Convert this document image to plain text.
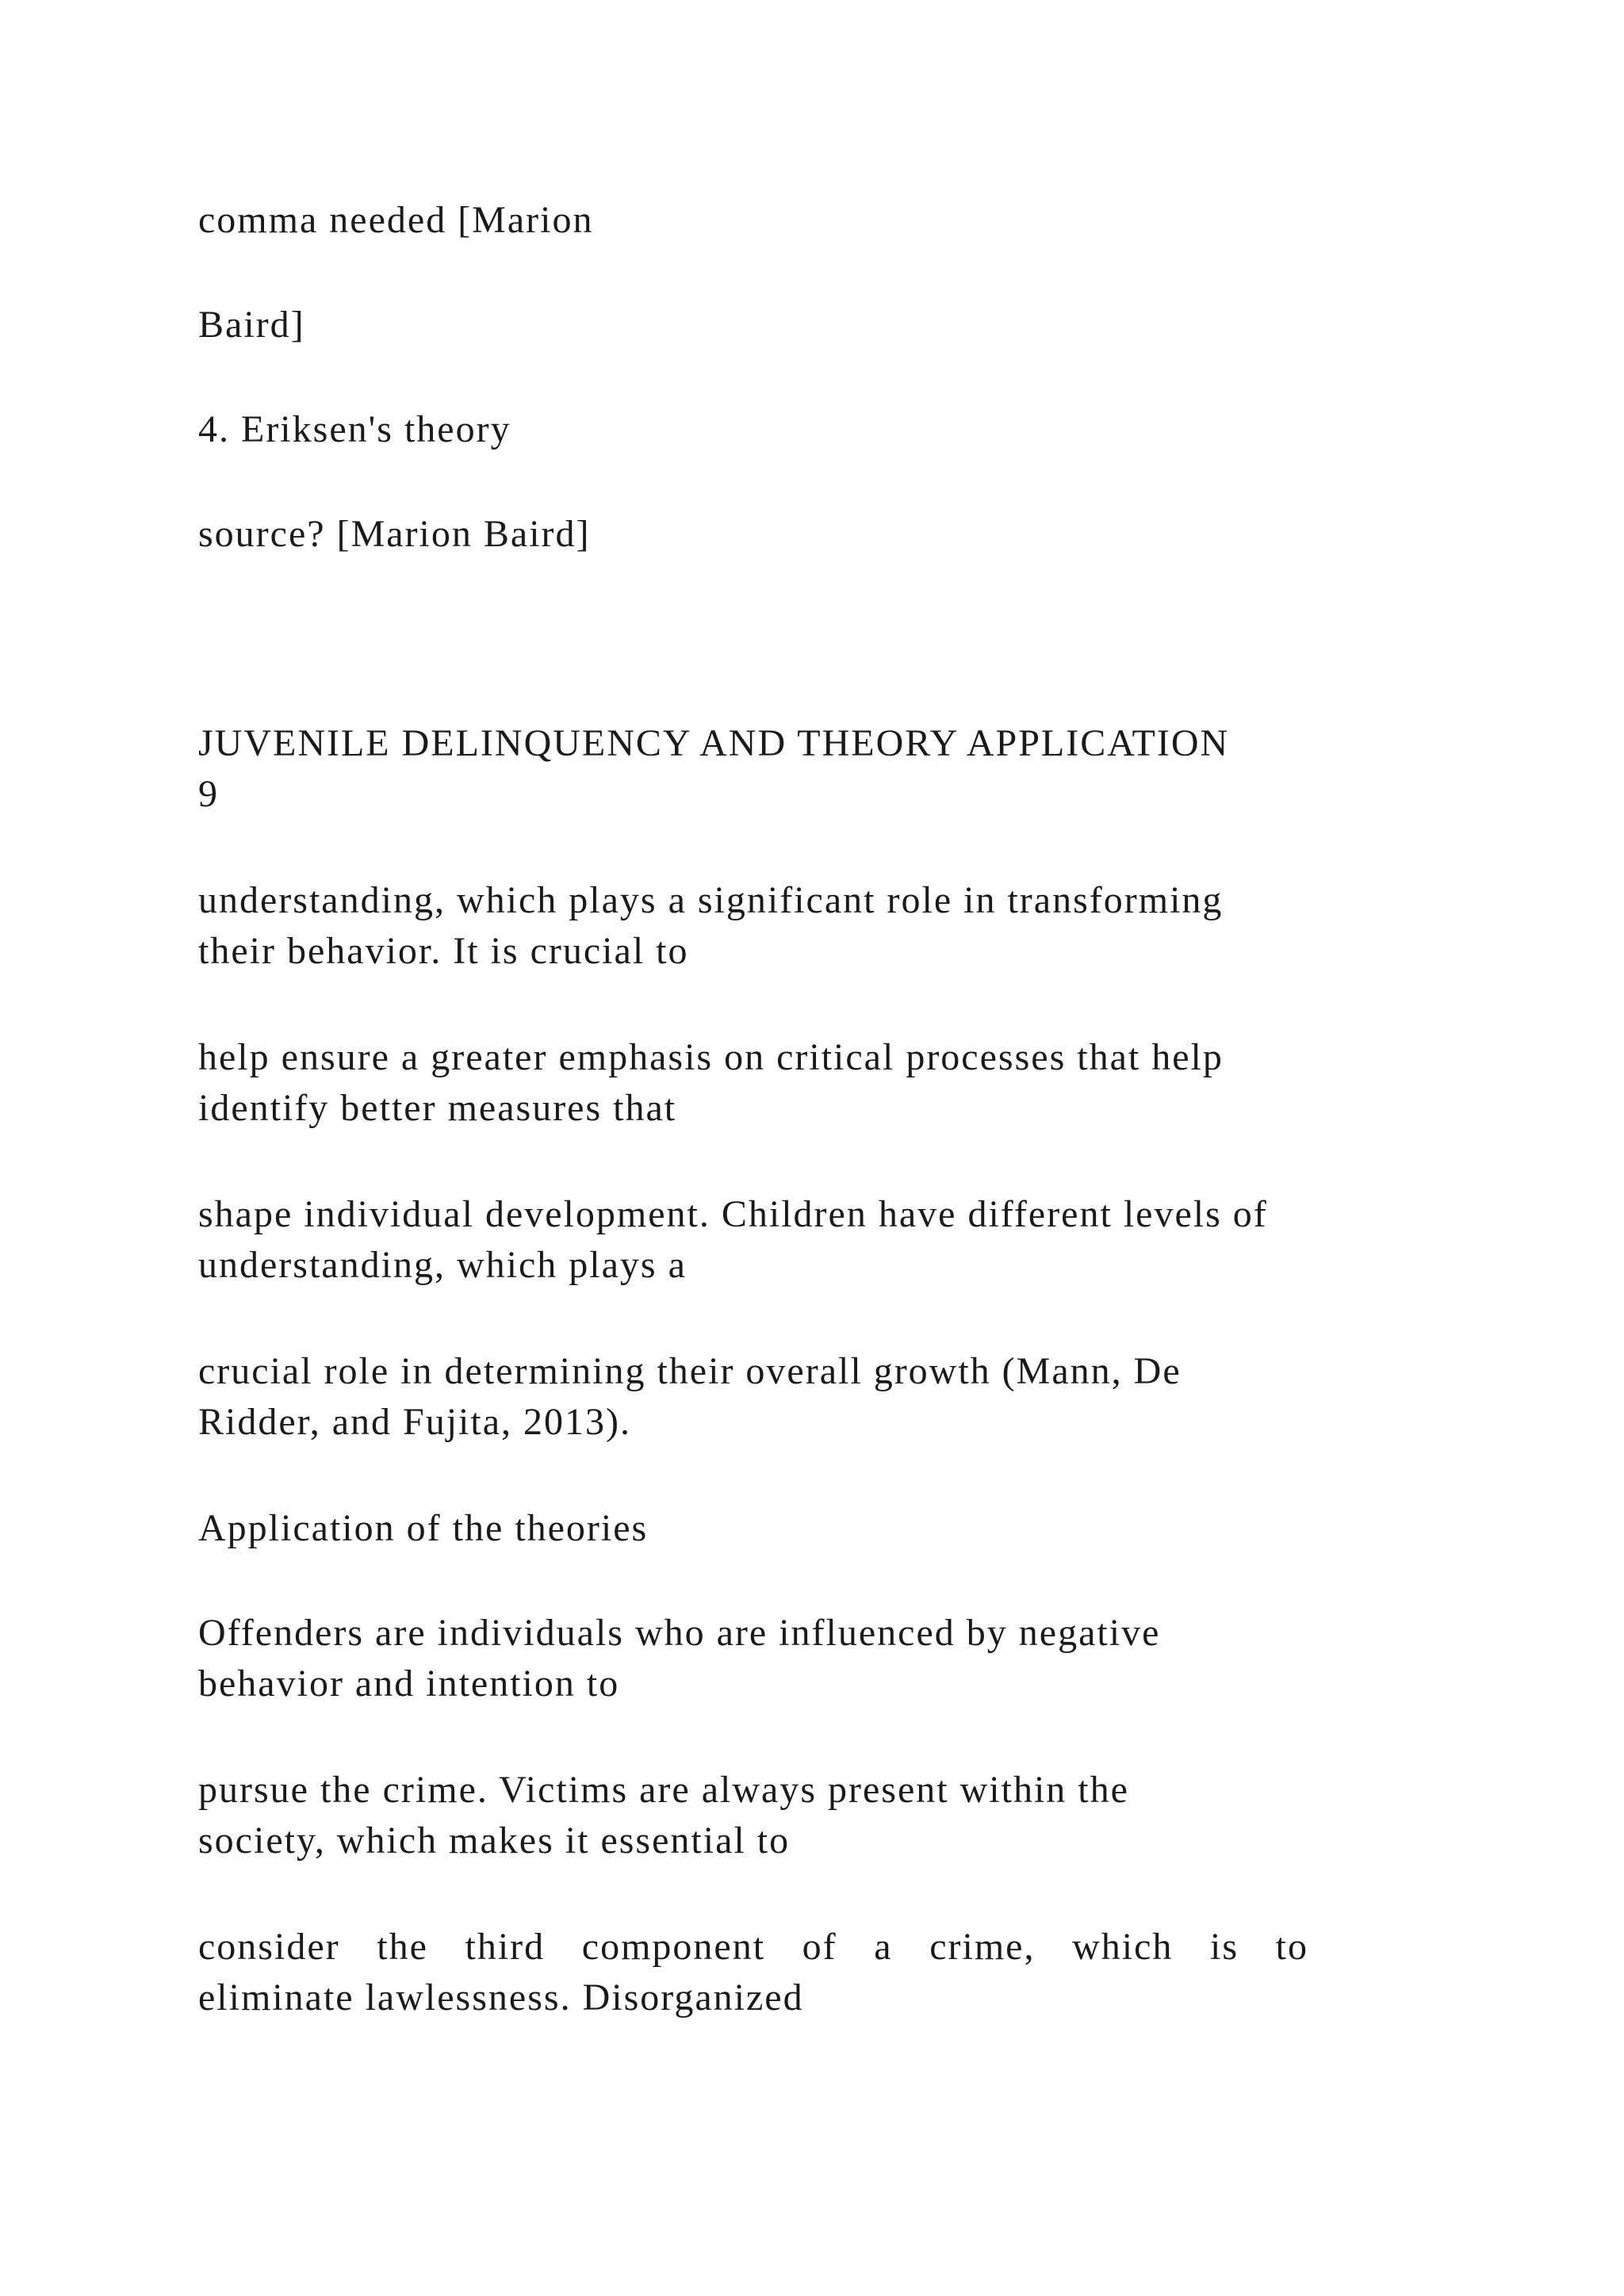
comma needed [Marion

Baird]

4. Eriksen's theory

source? [Marion Baird]

JUVENILE DELINQUENCY AND THEORY APPLICATION
9
understanding, which plays a significant role in transforming
their behavior. It is crucial to
help ensure a greater emphasis on critical processes that help
identify better measures that
shape individual development. Children have different levels of
understanding, which plays a
crucial role in determining their overall growth (Mann, De
Ridder, and Fujita, 2013).

Application of the theories

Offenders are individuals who are influenced by negative
behavior and intention to
pursue the crime. Victims are always present within the
society, which makes it essential to
consider the third component of a crime, which is to
eliminate lawlessness. Disorganized
